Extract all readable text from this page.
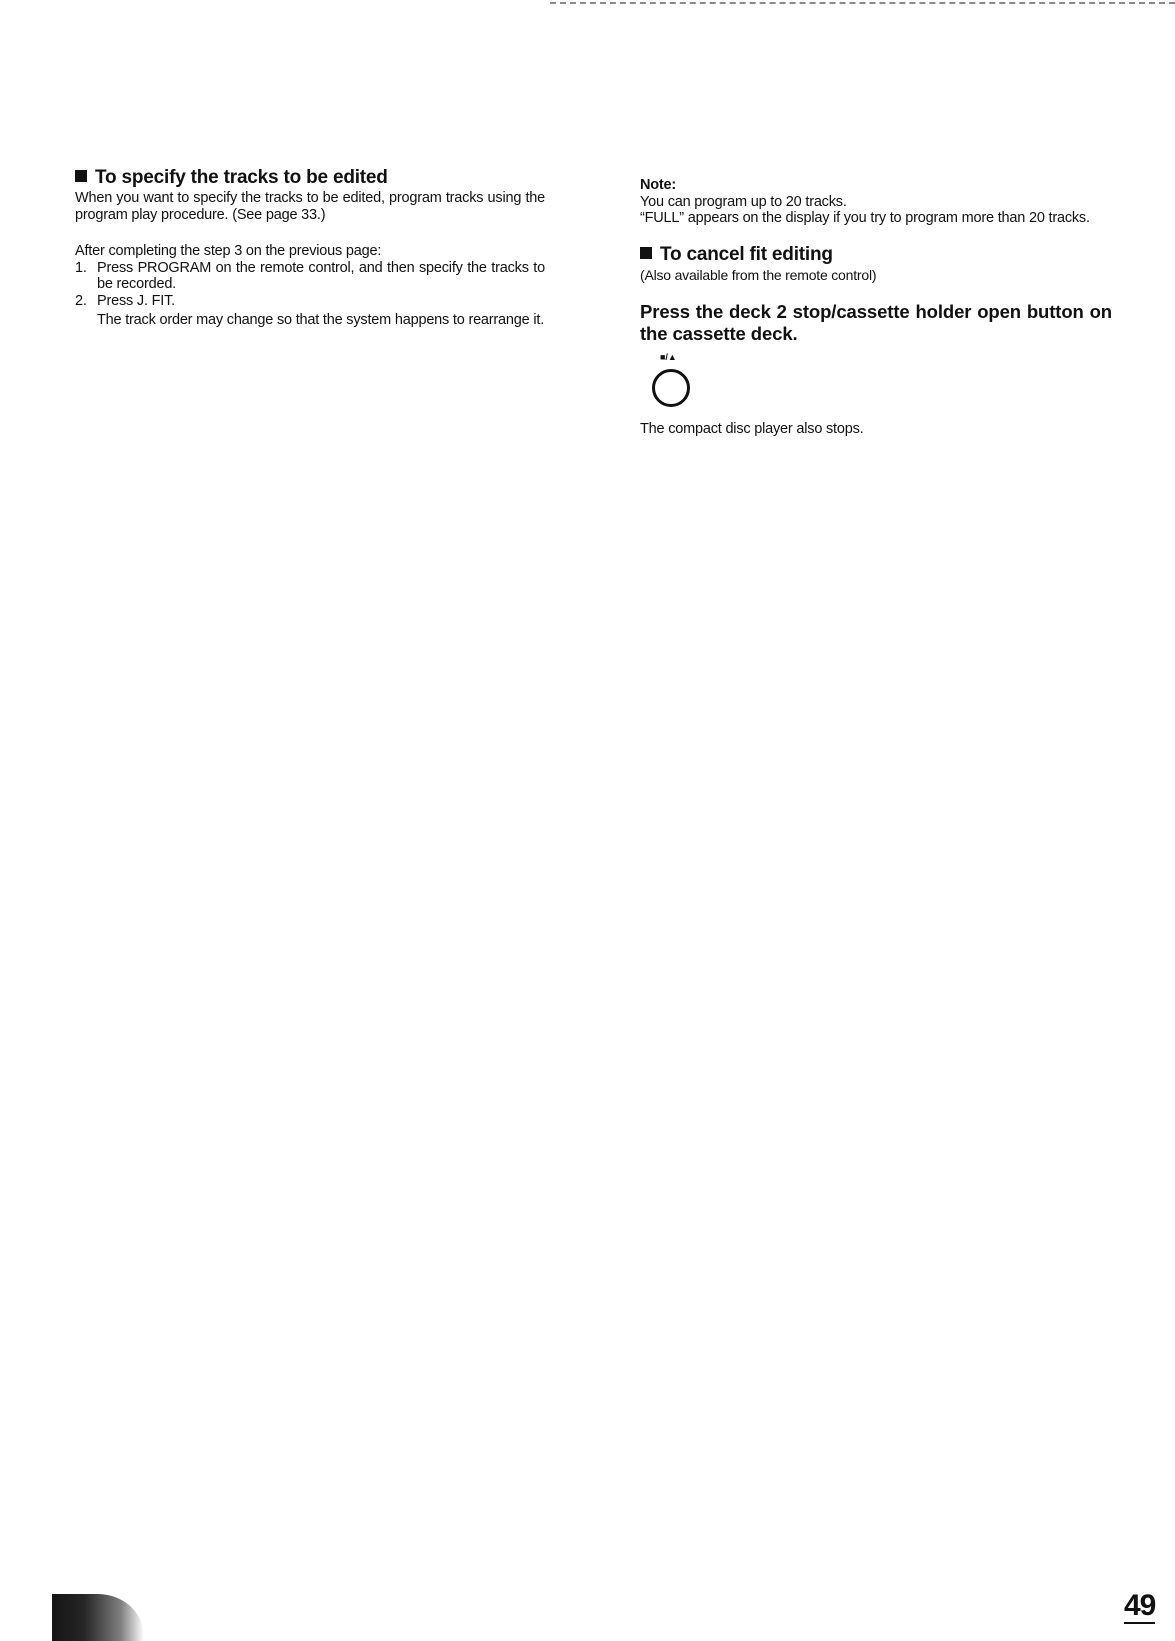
To specify the tracks to be edited

When you want to specify the tracks to be edited, program tracks using the program play procedure. (See page 33.)

After completing the step 3 on the previous page:

1. Press PROGRAM on the remote control, and then specify the tracks to be recorded.
2. Press J. FIT.
The track order may change so that the system happens to rearrange it.

Note:

You can program up to 20 tracks.

“FULL” appears on the display if you try to program more than 20 tracks.

To cancel fit editing

(Also available from the remote control)

Press the deck 2 stop/cassette holder open button on the cassette deck.

■/▲

The compact disc player also stops.

49
